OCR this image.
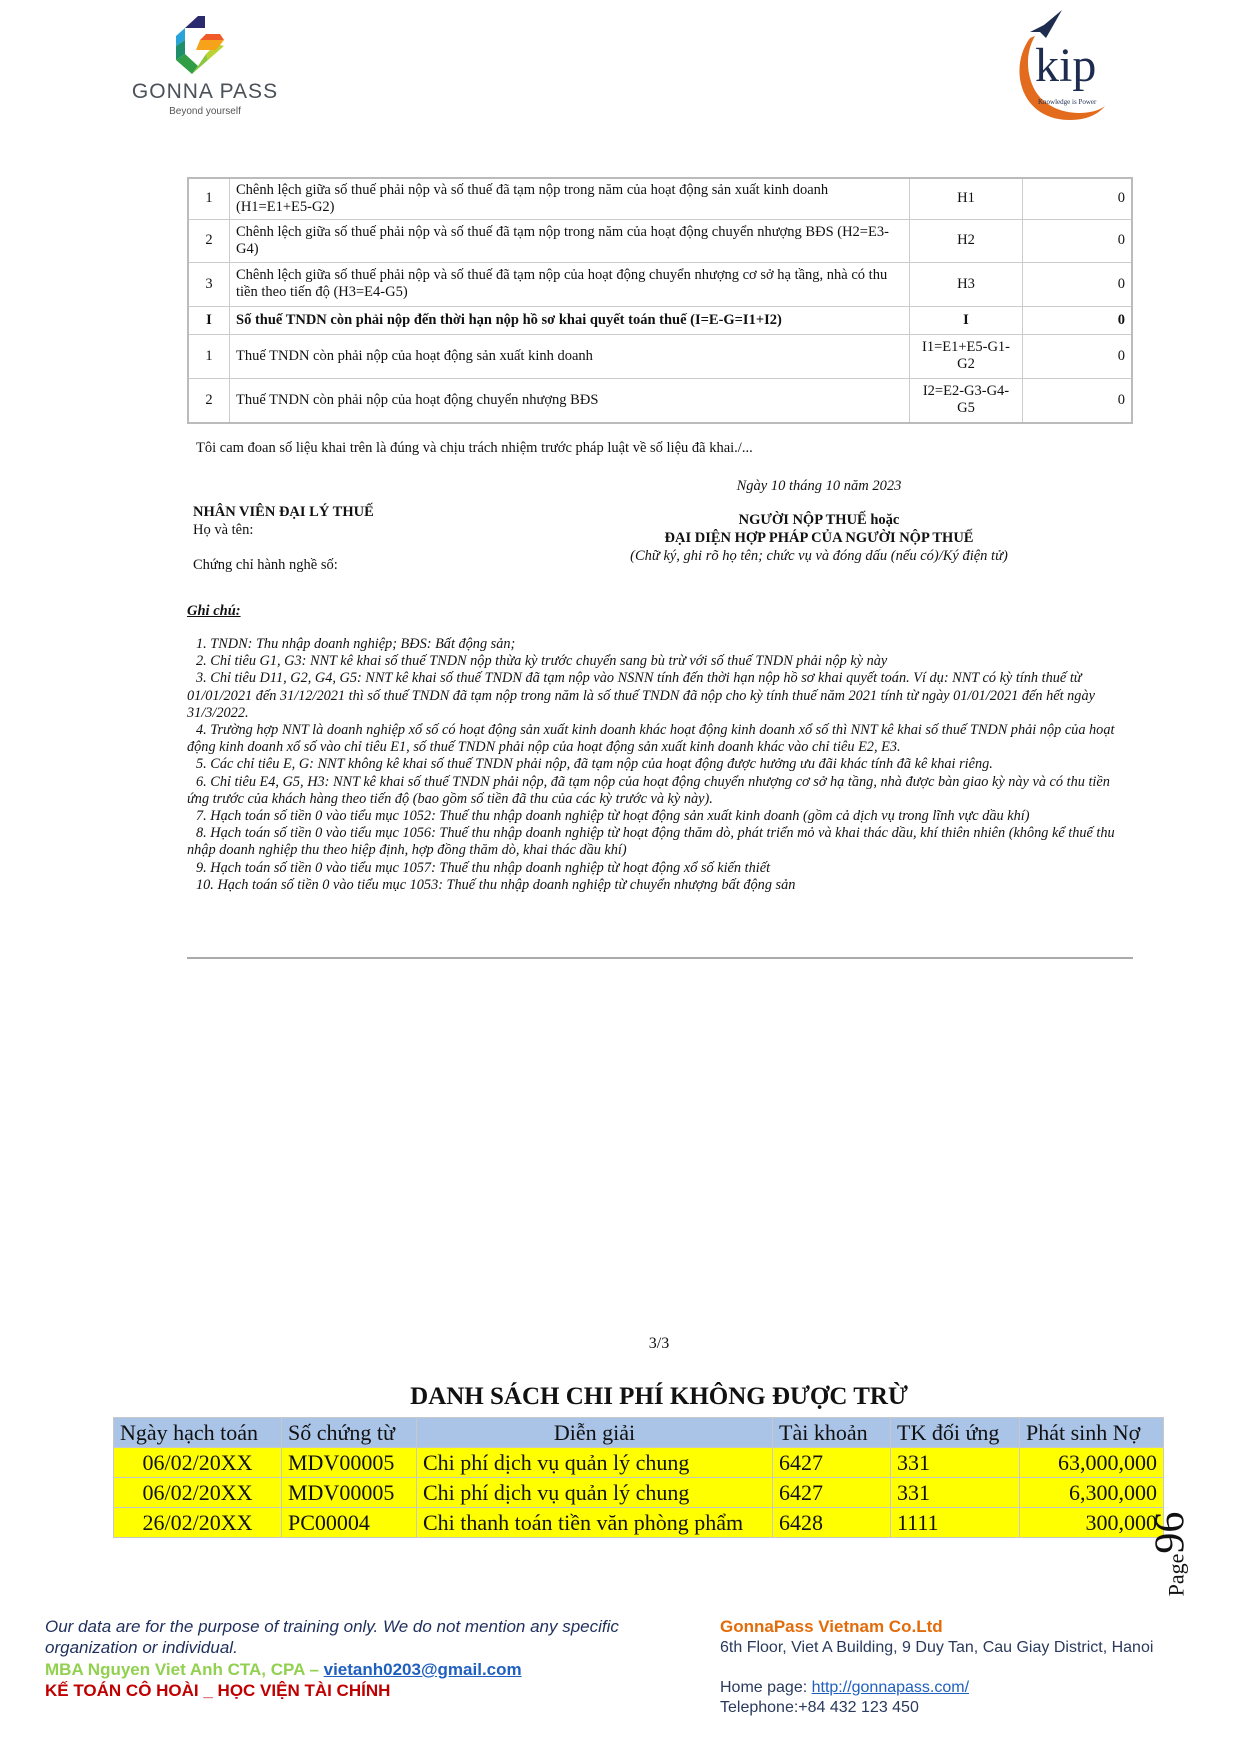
GONNA PASS
Beyond yourself
kip
Knowledge is Power
1	Chênh lệch giữa số thuế phải nộp và số thuế đã tạm nộp trong năm của hoạt động sản xuất kinh doanh (H1=E1+E5-G2)	H1	0
2	Chênh lệch giữa số thuế phải nộp và số thuế đã tạm nộp trong năm của hoạt động chuyển nhượng BĐS (H2=E3-G4)	H2	0
3	Chênh lệch giữa số thuế phải nộp và số thuế đã tạm nộp của hoạt động chuyển nhượng cơ sở hạ tầng, nhà có thu tiền theo tiến độ (H3=E4-G5)	H3	0
I	Số thuế TNDN còn phải nộp đến thời hạn nộp hồ sơ khai quyết toán thuế (I=E-G=I1+I2)	I	0
1	Thuế TNDN còn phải nộp của hoạt động sản xuất kinh doanh	I1=E1+E5-G1-G2	0
2	Thuế TNDN còn phải nộp của hoạt động chuyển nhượng BĐS	I2=E2-G3-G4-G5	0
Tôi cam đoan số liệu khai trên là đúng và chịu trách nhiệm trước pháp luật về số liệu đã khai./...
Ngày 10 tháng 10 năm 2023
NHÂN VIÊN ĐẠI LÝ THUẾ
Họ và tên:
Chứng chỉ hành nghề số:
NGƯỜI NỘP THUẾ hoặc
ĐẠI DIỆN HỢP PHÁP CỦA NGƯỜI NỘP THUẾ
(Chữ ký, ghi rõ họ tên; chức vụ và đóng dấu (nếu có)/Ký điện tử)
Ghi chú:

1. TNDN: Thu nhập doanh nghiệp; BĐS: Bất động sản;

2. Chỉ tiêu G1, G3: NNT kê khai số thuế TNDN nộp thừa kỳ trước chuyển sang bù trừ với số thuế TNDN phải nộp kỳ này

3. Chỉ tiêu D11, G2, G4, G5: NNT kê khai số thuế TNDN đã tạm nộp vào NSNN tính đến thời hạn nộp hồ sơ khai quyết toán. Ví dụ: NNT có kỳ tính thuế từ 01/01/2021 đến 31/12/2021 thì số thuế TNDN đã tạm nộp trong năm là số thuế TNDN đã nộp cho kỳ tính thuế năm 2021 tính từ ngày 01/01/2021 đến hết ngày 31/3/2022.

4. Trường hợp NNT là doanh nghiệp xổ số có hoạt động sản xuất kinh doanh khác hoạt động kinh doanh xổ số thì NNT kê khai số thuế TNDN phải nộp của hoạt động kinh doanh xổ số vào chỉ tiêu E1, số thuế TNDN phải nộp của hoạt động sản xuất kinh doanh khác vào chỉ tiêu E2, E3.

5. Các chỉ tiêu E, G: NNT không kê khai số thuế TNDN phải nộp, đã tạm nộp của hoạt động được hưởng ưu đãi khác tính đã kê khai riêng.

6. Chỉ tiêu E4, G5, H3: NNT kê khai số thuế TNDN phải nộp, đã tạm nộp của hoạt động chuyển nhượng cơ sở hạ tầng, nhà được bàn giao kỳ này và có thu tiền ứng trước của khách hàng theo tiến độ (bao gồm số tiền đã thu của các kỳ trước và kỳ này).

7. Hạch toán số tiền 0 vào tiểu mục 1052: Thuế thu nhập doanh nghiệp từ hoạt động sản xuất kinh doanh (gồm cả dịch vụ trong lĩnh vực dầu khí)

8. Hạch toán số tiền 0 vào tiểu mục 1056: Thuế thu nhập doanh nghiệp từ hoạt động thăm dò, phát triển mỏ và khai thác dầu, khí thiên nhiên (không kể thuế thu nhập doanh nghiệp thu theo hiệp định, hợp đồng thăm dò, khai thác dầu khí)

9. Hạch toán số tiền 0 vào tiểu mục 1057: Thuế thu nhập doanh nghiệp từ hoạt động xổ số kiến thiết

10. Hạch toán số tiền 0 vào tiểu mục 1053: Thuế thu nhập doanh nghiệp từ chuyển nhượng bất động sản

3/3
DANH SÁCH CHI PHÍ KHÔNG ĐƯỢC TRỪ
Ngày hạch toán	Số chứng từ	Diễn giải	Tài khoản	TK đối ứng	Phát sinh Nợ
06/02/20XX	MDV00005	Chi phí dịch vụ quản lý chung	6427	331	63,000,000
06/02/20XX	MDV00005	Chi phí dịch vụ quản lý chung	6427	331	6,300,000
26/02/20XX	PC00004	Chi thanh toán tiền văn phòng phẩm	6428	1111	300,000
Page96
Our data are for the purpose of training only. We do not mention any specific organization or individual.
MBA Nguyen Viet Anh CTA, CPA – vietanh0203@gmail.com
KẾ TOÁN CÔ HOÀI _ HỌC VIỆN TÀI CHÍNH
GonnaPass Vietnam Co.Ltd
6th Floor, Viet A Building, 9 Duy Tan, Cau Giay District, Hanoi
Home page: http://gonnapass.com/
Telephone:+84 432 123 450
